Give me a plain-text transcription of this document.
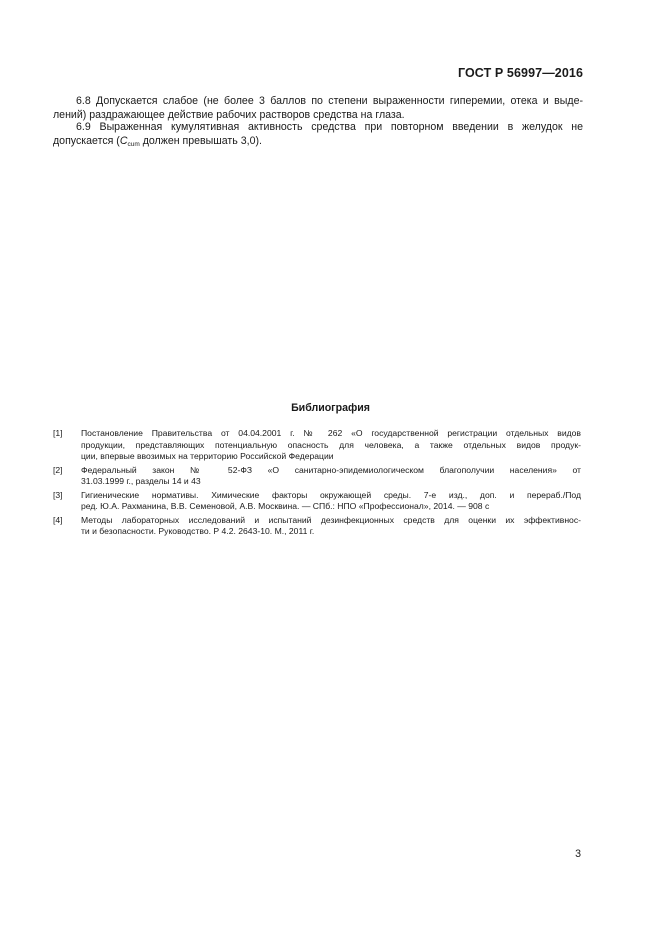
ГОСТ Р 56997—2016
6.8 Допускается слабое (не более 3 баллов по степени выраженности гиперемии, отека и выде-
лений) раздражающее действие рабочих растворов средства на глаза.
6.9 Выраженная кумулятивная активность средства при повторном введении в желудок не
допускается ($C_{cum}$ должен превышать 3,0).
Библиография
[1] Постановление Правительства от 04.04.2001 г. № 262 «О государственной регистрации отдельных видов
продукции, представляющих потенциальную опасность для человека, а также отдельных видов продук-
ции, впервые ввозимых на территорию Российской Федерации
[2] Федеральный закон № 52-ФЗ «О санитарно-эпидемиологическом благополучии населения» от
31.03.1999 г., разделы 14 и 43
[3] Гигиенические нормативы. Химические факторы окружающей среды. 7-е изд., доп. и перераб./Под
ред. Ю.А. Рахманина, В.В. Семеновой, А.В. Москвина. — СПб.: НПО «Профессионал», 2014. — 908 с
[4] Методы лабораторных исследований и испытаний дезинфекционных средств для оценки их эффективнос-
ти и безопасности. Руководство. Р 4.2. 2643-10. М., 2011 г.
3
